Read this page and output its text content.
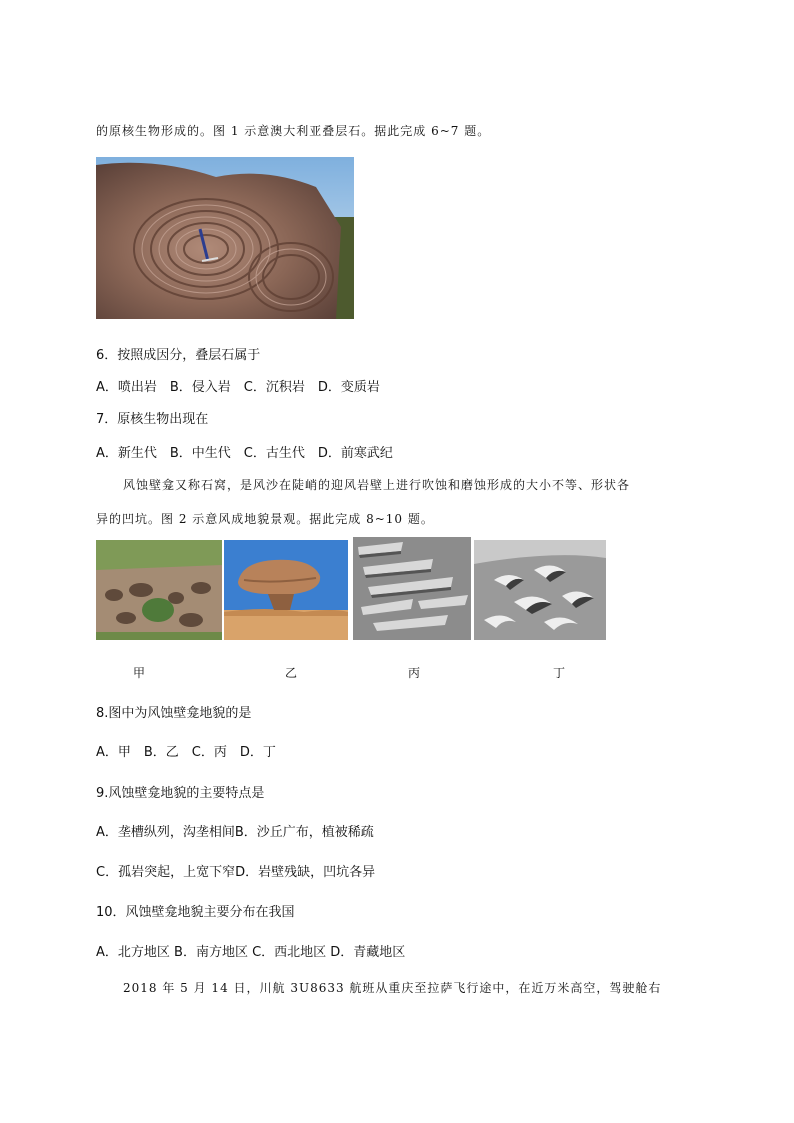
的原核生物形成的。图 1 示意澳大利亚叠层石。据此完成 6~7 题。
6．按照成因分，叠层石属于
A．喷出岩　B．侵入岩　C．沉积岩　D．变质岩
7．原核生物出现在
A．新生代　B．中生代　C．古生代　D．前寒武纪
风蚀壁龛又称石窝，是风沙在陡峭的迎风岩壁上进行吹蚀和磨蚀形成的大小不等、形状各
异的凹坑。图 2 示意风成地貌景观。据此完成 8~10 题。
甲	乙	丙	丁
8.图中为风蚀壁龛地貌的是
A．甲　B．乙　C．丙　D．丁
9.风蚀壁龛地貌的主要特点是
A．垄槽纵列，沟垄相间B．沙丘广布，植被稀疏
C．孤岩突起，上宽下窄D．岩壁残缺，凹坑各异
10．风蚀壁龛地貌主要分布在我国
A．北方地区 B．南方地区 C．西北地区 D．青藏地区
2018 年 5 月 14 日，川航 3U8633 航班从重庆至拉萨飞行途中，在近万米高空，驾驶舱右
